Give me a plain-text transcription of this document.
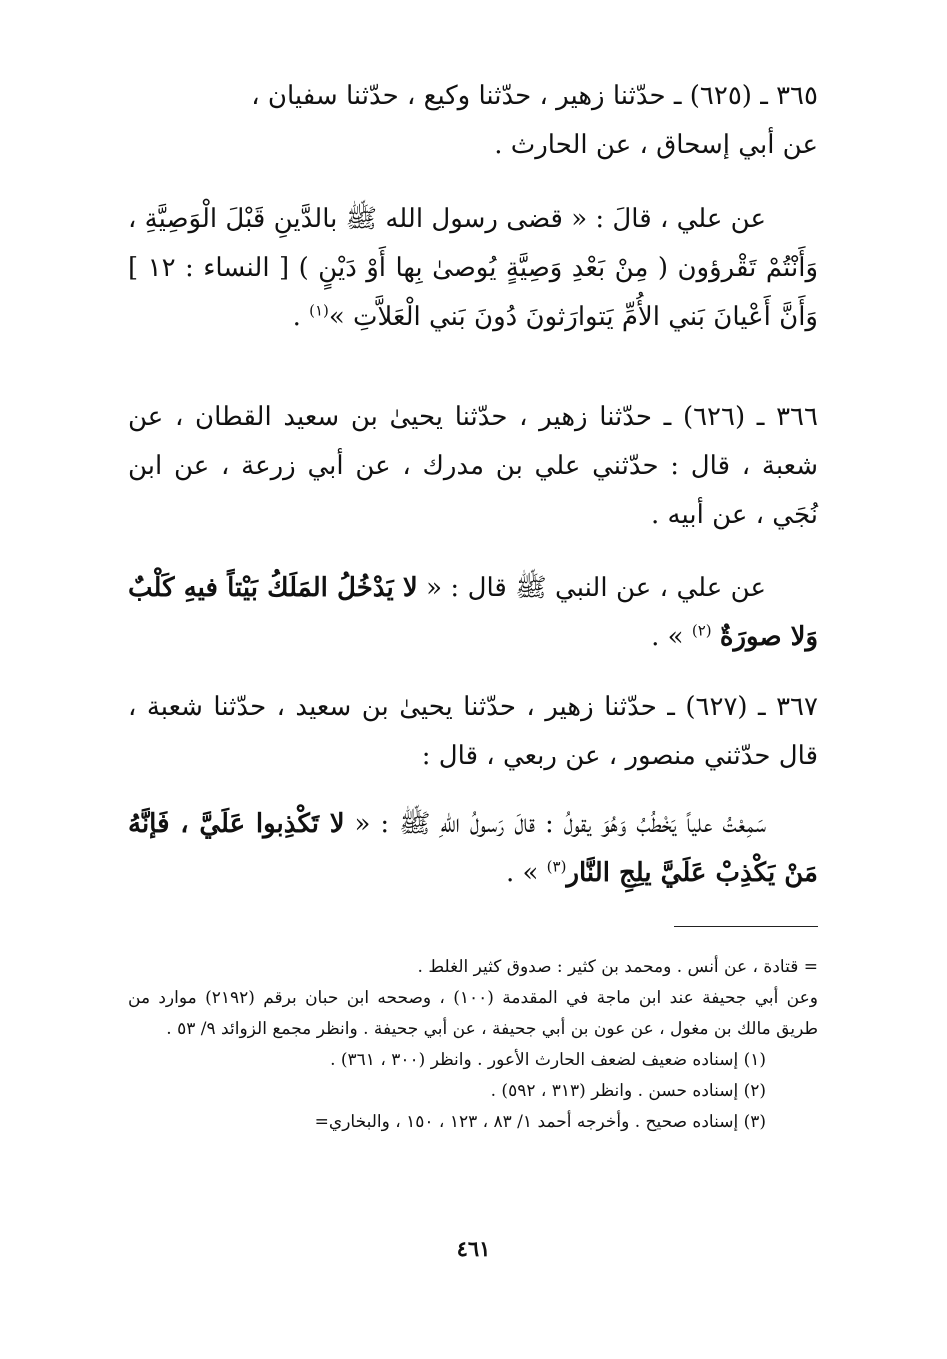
٣٦٥ ـ (٦٢٥) ـ حدّثنا زهير ، حدّثنا وكيع ، حدّثنا سفيان ،

عن أبي إسحاق ، عن الحارث .

عن علي ، قالَ : « قضى رسول الله ﷺ بالدَّينِ قَبْلَ الْوَصِيَّةِ ، وَأَنْتُمْ تَقْرؤون ( مِنْ بَعْدِ وَصِيَّةٍ يُوصىٰ بِها أَوْ دَيْنٍ ) [ النساء : ١٢ ] وَأَنَّ أَعْيانَ بَني الأُمِّ يَتوارَثونَ دُونَ بَني الْعَلاَّتِ »$^{(١)}$ .

٣٦٦ ـ (٦٢٦) ـ حدّثنا زهير ، حدّثنا يحيىٰ بن سعيد القطان ، عن شعبة ، قال : حدّثني علي بن مدرك ، عن أبي زرعة ، عن ابن نُجَي ، عن أبيه .

عن علي ، عن النبي ﷺ قال : « لا يَدْخُلُ المَلَكُ بَيْتاً فيهِ كَلْبٌ وَلا صورَةٌ $^{(٢)}$ » .

٣٦٧ ـ (٦٢٧) ـ حدّثنا زهير ، حدّثنا يحيىٰ بن سعيد ، حدّثنا شعبة ، قال حدّثني منصور ، عن ربعي ، قال :

سَمِعْتُ علياً يَخْطُبُ وَهُوَ يقولُ : قالَ رَسولُ اللّهِ ﷺ : « لا تَكْذِبوا عَلَيَّ ، فَإنَّهُ مَنْ يَكْذِبْ عَلَيَّ يلِجِ النَّار$^{(٣)}$ » .

= قتادة ، عن أنس . ومحمد بن كثير : صدوق كثير الغلط .

وعن أبي جحيفة عند ابن ماجة في المقدمة (١٠٠) ، وصححه ابن حبان برقم (٢١٩٢) موارد من طريق مالك بن مغول ، عن عون بن أبي جحيفة ، عن أبي جحيفة . وانظر مجمع الزوائد ٩/ ٥٣ .

(١) إسناده ضعيف لضعف الحارث الأعور . وانظر (٣٠٠ ، ٣٦١) .

(٢) إسناده حسن . وانظر (٣١٣ ، ٥٩٢) .

(٣) إسناده صحيح . وأخرجه أحمد ١/ ٨٣ ، ١٢٣ ، ١٥٠ ، والبخاري=

٤٦١
